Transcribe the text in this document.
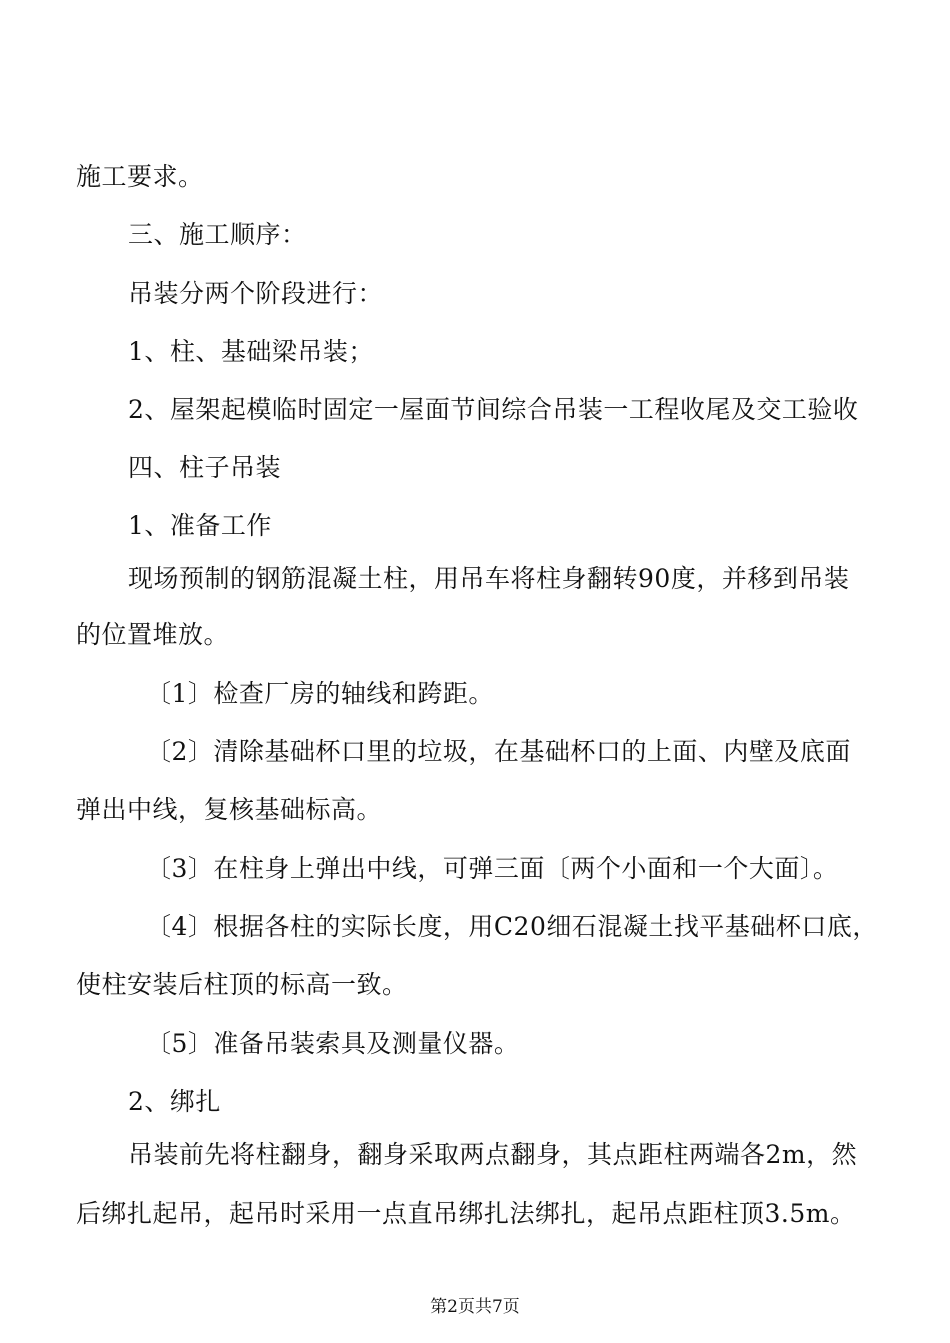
施工要求。
三、施工顺序：
吊装分两个阶段进行：
1、柱、基础梁吊装；
2、屋架起模临时固定一屋面节间综合吊装一工程收尾及交工验收
四、柱子吊装
1、准备工作
现场预制的钢筋混凝土柱，用吊车将柱身翻转90度，并移到吊装
的位置堆放。
〔1〕检查厂房的轴线和跨距。
〔2〕清除基础杯口里的垃圾，在基础杯口的上面、内壁及底面
弹出中线，复核基础标高。
〔3〕在柱身上弹出中线，可弹三面〔两个小面和一个大面〕。
〔4〕根据各柱的实际长度，用C20细石混凝土找平基础杯口底，
使柱安装后柱顶的标高一致。
〔5〕准备吊装索具及测量仪器。
2、绑扎
吊装前先将柱翻身，翻身采取两点翻身，其点距柱两端各2m，然
后绑扎起吊，起吊时采用一点直吊绑扎法绑扎，起吊点距柱顶3.5m。
第2页共7页
